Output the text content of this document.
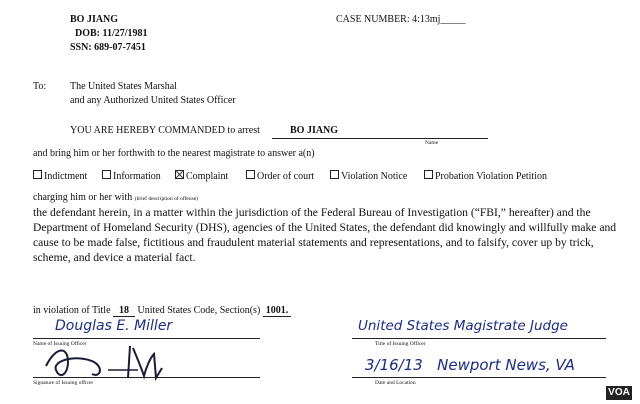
BO JIANG
DOB: 11/27/1981
SSN: 689-07-7451
CASE NUMBER: 4:13mj_____
To: The United States Marshal
and any Authorized United States Officer
YOU ARE HEREBY COMMANDED to arrest	BO JIANG
Name
and bring him or her forthwith to the nearest magistrate to answer a(n)
Indictment	Information	Complaint	Order of court	Violation Notice	Probation Violation Petition
charging him or her with (brief description of offense)
the defendant herein, in a matter within the jurisdiction of the Federal Bureau of Investigation (“FBI,” hereafter) and the Department of Homeland Security (DHS), agencies of the United States, the defendant did knowingly and willfully make and cause to be made false, fictitious and fraudulent material statements and representations, and to falsify, cover up by trick, scheme, and device a material fact.
in violation of Title 18 United States Code, Section(s) 1001.
Douglas E. Miller
Name of Issuing Officer
United States Magistrate Judge
Title of Issuing Officer
Signature of Issuing officer
3/16/13   Newport News, VA
Date and Location
VOA
